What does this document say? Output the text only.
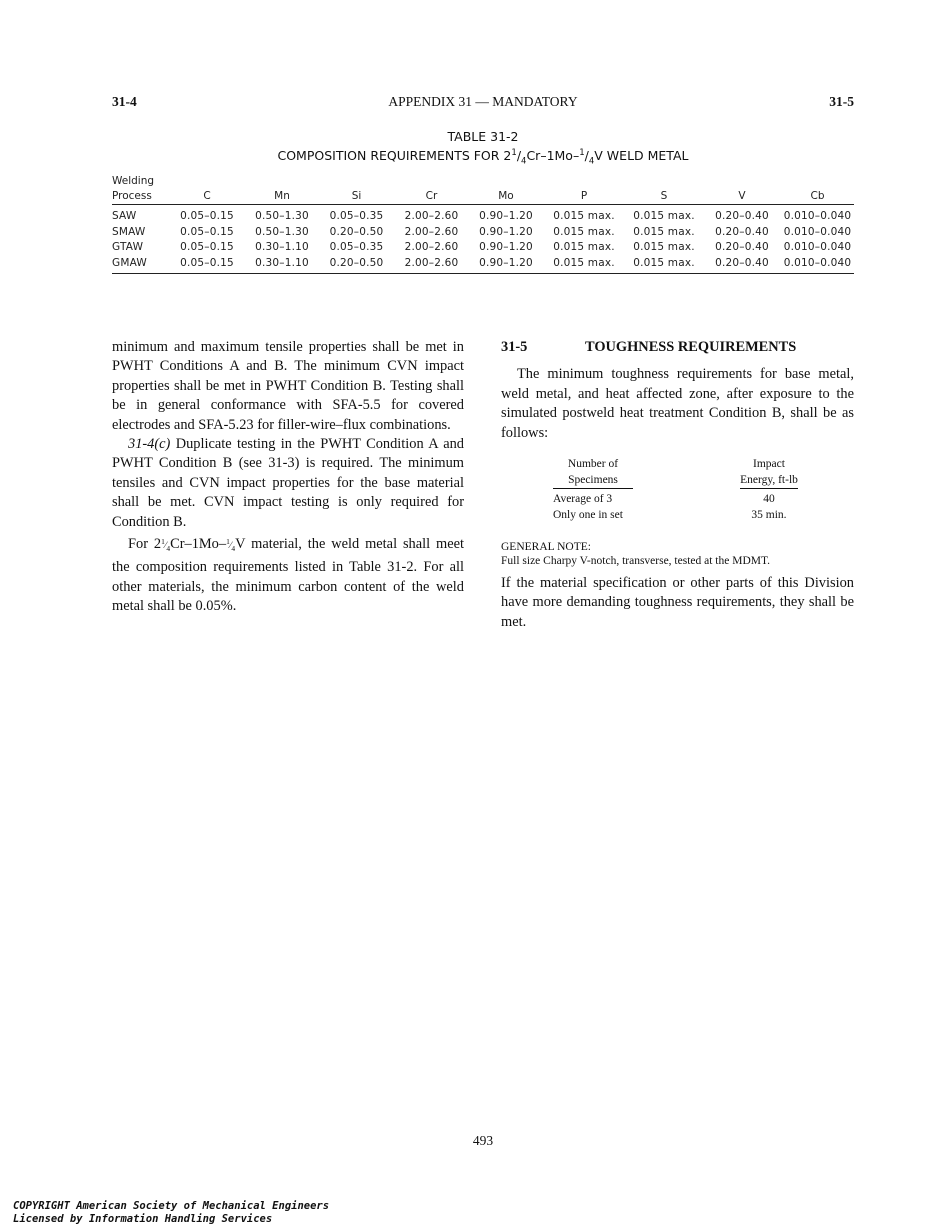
31-4	APPENDIX 31 — MANDATORY	31-5
TABLE 31-2
COMPOSITION REQUIREMENTS FOR $2^1/_4Cr-1Mo-^1/_4V$ WELD METAL
Welding
Process	C	Mn	Si	Cr	Mo	P	S	V	Cb
SAW	0.05–0.15	0.50–1.30	0.05–0.35	2.00–2.60	0.90–1.20	0.015 max.	0.015 max.	0.20–0.40	0.010–0.040
SMAW	0.05–0.15	0.50–1.30	0.20–0.50	2.00–2.60	0.90–1.20	0.015 max.	0.015 max.	0.20–0.40	0.010–0.040
GTAW	0.05–0.15	0.30–1.10	0.05–0.35	2.00–2.60	0.90–1.20	0.015 max.	0.015 max.	0.20–0.40	0.010–0.040
GMAW	0.05–0.15	0.30–1.10	0.20–0.50	2.00–2.60	0.90–1.20	0.015 max.	0.015 max.	0.20–0.40	0.010–0.040

minimum and maximum tensile properties shall be met in PWHT Conditions A and B. The minimum CVN impact properties shall be met in PWHT Condition B. Testing shall be in general conformance with SFA-5.5 for covered electrodes and SFA-5.23 for filler-wire–flux combinations.

31-4(c) Duplicate testing in the PWHT Condition A and PWHT Condition B (see 31-3) is required. The minimum tensiles and CVN impact properties for the base material shall be met. CVN impact testing is only required for Condition B.

For $2^1⁄_4Cr-1Mo-^1⁄_4V$ material, the weld metal shall meet the composition requirements listed in Table 31-2. For all other materials, the minimum carbon content of the weld metal shall be 0.05%.

31-5	TOUGHNESS REQUIREMENTS

The minimum toughness requirements for base metal, weld metal, and heat affected zone, after exposure to the simulated postweld heat treatment Condition B, shall be as follows:

Number of
Specimens
Impact
Energy, ft-lb
Average of 3	40
Only one in set	35 min.
GENERAL NOTE:
Full size Charpy V-notch, transverse, tested at the MDMT.
If the material specification or other parts of this Division have more demanding toughness requirements, they shall be met.
493
COPYRIGHT American Society of Mechanical Engineers
Licensed by Information Handling Services
